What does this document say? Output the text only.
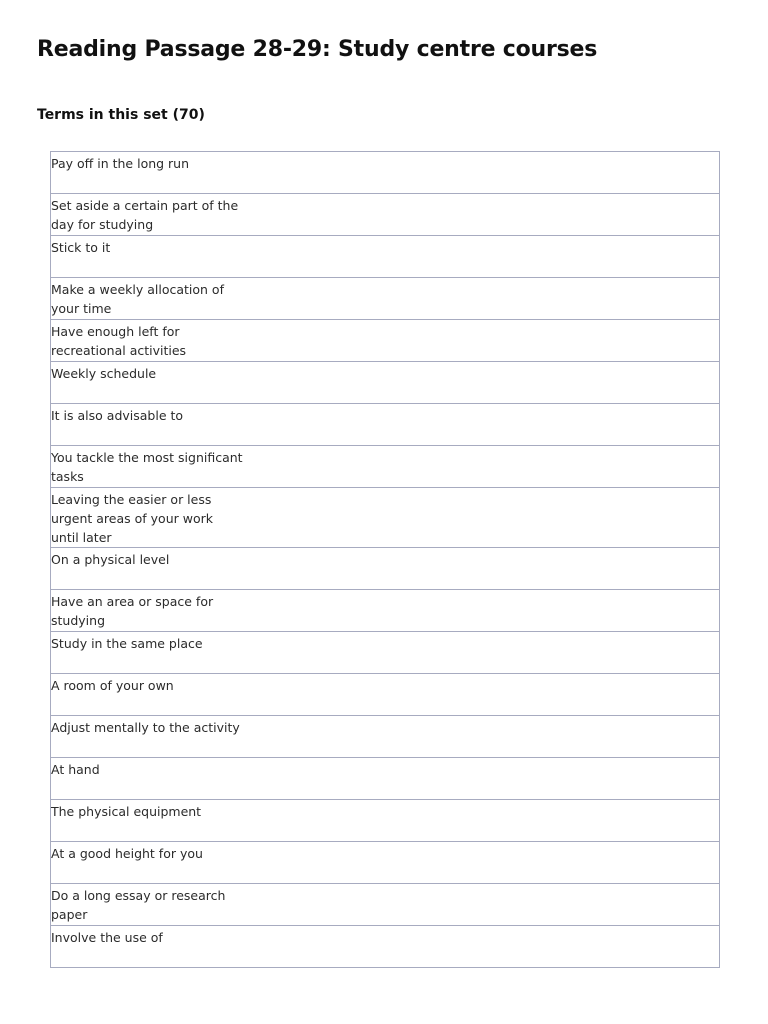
Reading Passage 28-29: Study centre courses
Terms in this set (70)
Pay off in the long run

Set aside a certain part of the day for studying

Stick to it

Make a weekly allocation of your time

Have enough left for recreational activities

Weekly schedule

It is also advisable to

You tackle the most significant tasks

Leaving the easier or less urgent areas of your work until later

On a physical level

Have an area or space for studying

Study in the same place

A room of your own

Adjust mentally to the activity

At hand

The physical equipment

At a good height for you

Do a long essay or research paper

Involve the use of
